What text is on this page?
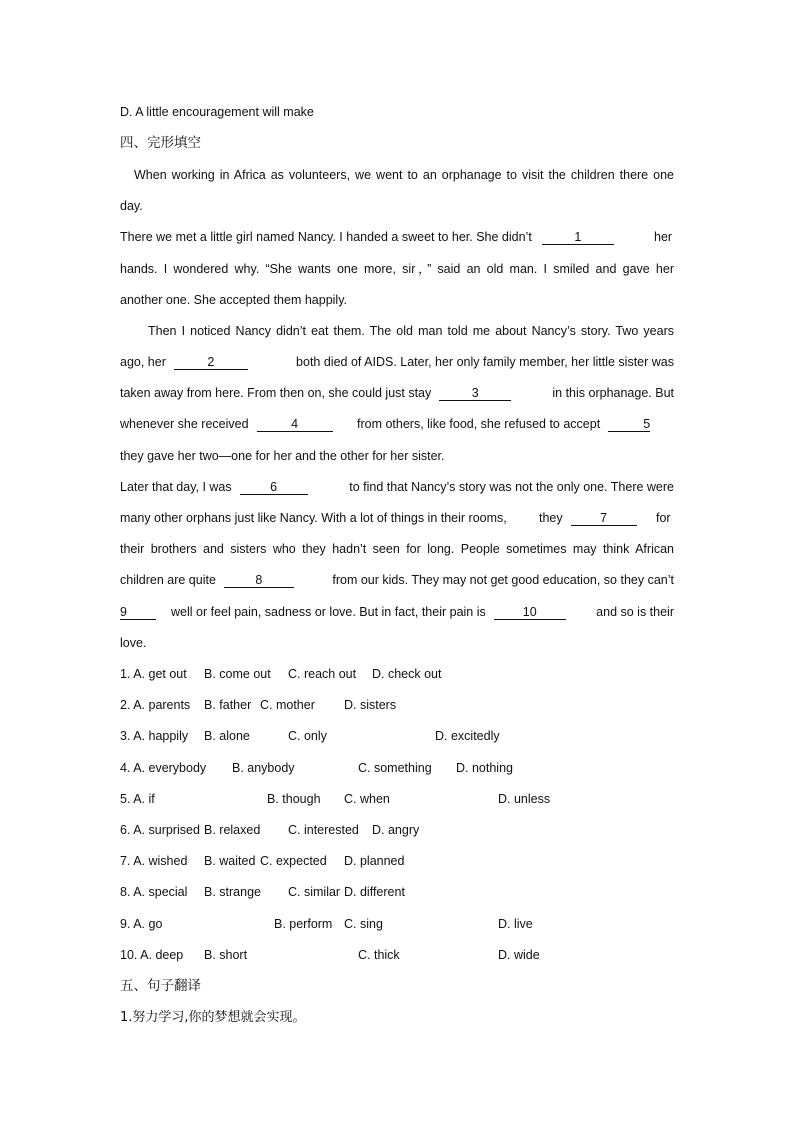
D. A little encouragement will make
四、完形填空
When working in Africa as volunteers, we went to an orphanage to visit the children there one
day.
There we met a little girl named Nancy. I handed a sweet to her. She didn’t	1	her
hands. I wondered why. “She wants one more, sir，” said an old man. I smiled and gave her
another one. She accepted them happily.
Then I noticed Nancy didn’t eat them. The old man told me about Nancy’s story. Two years
ago, her	2	both died of AIDS. Later, her only family member, her little sister was
taken away from here. From then on, she could just stay	3	in this orphanage. But
whenever she received	4	from others, like food, she refused to accept	5
they gave her two—one for her and the other for her sister.
Later that day, I was	6	to find that Nancy’s story was not the only one. There were
many other orphans just like Nancy. With a lot of things in their rooms,	they	7	for
their brothers and sisters who they hadn’t seen for long. People sometimes may think African
children are quite	8	from our kids. They may not get good education, so they can’t
9	well or feel pain, sadness or love. But in fact, their pain is	10	and so is their
love.
1. A. get out B. come out C. reach out D. check out
2. A. parents B. father C. mother D. sisters
3. A. happily B. alone	C. only	D. excitedly
4. A. everybody B. anybody	C. something D. nothing
5. A. if	B. though C. when	D. unless
6. A. surprised B. relaxed C. interested D. angry
7. A. wished B. waited C. expected D. planned
8. A. special B. strange C. similar D. different
9. A. go	B. perform C. sing	D. live
10. A. deep B. short	C. thick	D. wide
五、句子翻译
1.努力学习,你的梦想就会实现。
